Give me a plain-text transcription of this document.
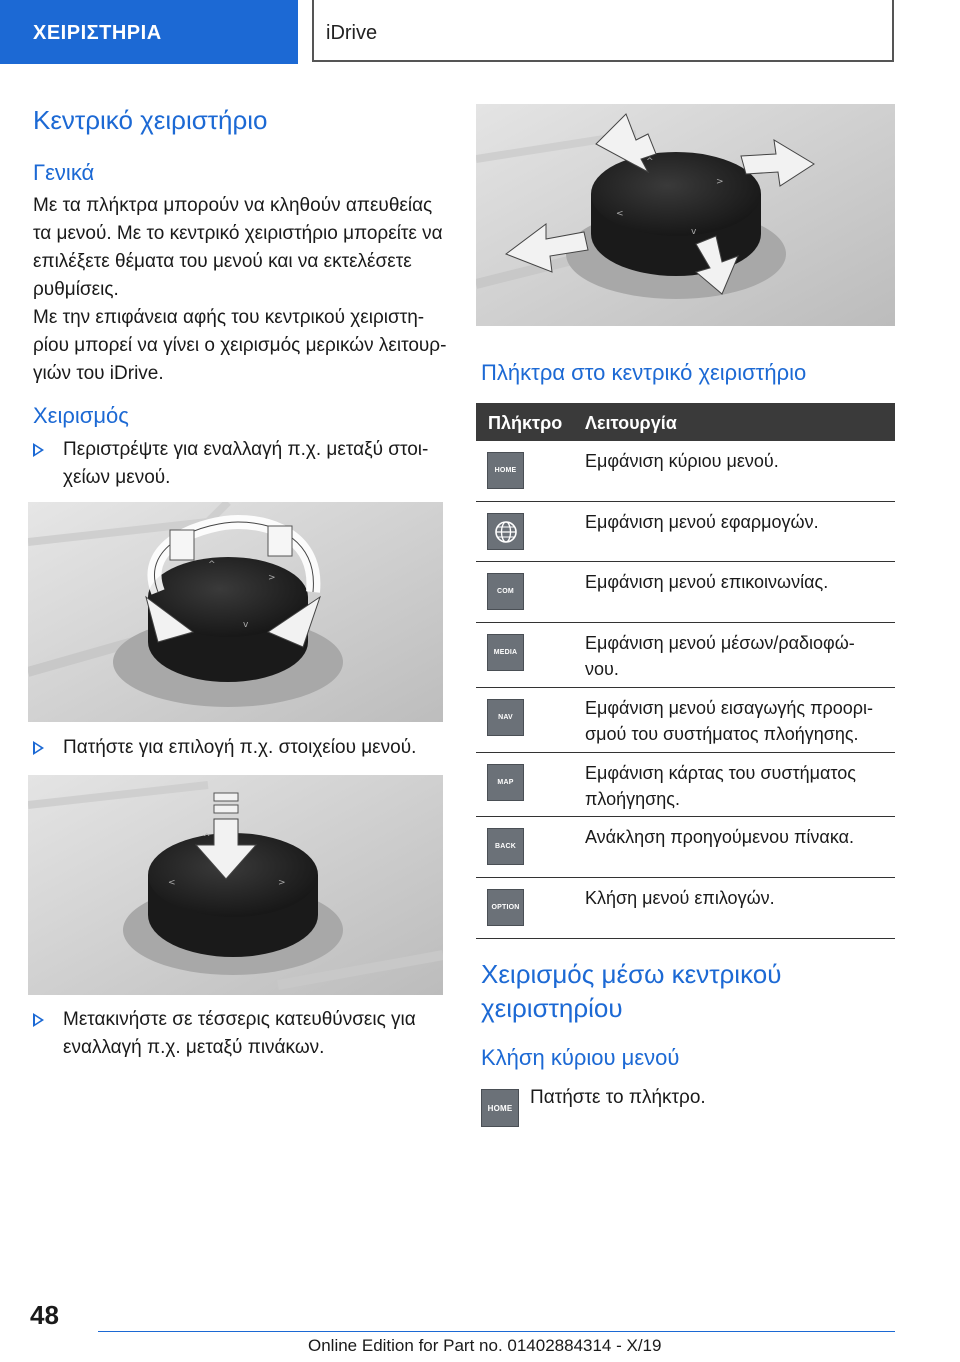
ΧΕΙΡΙΣΤΗΡΙΑ	iDrive
Κεντρικό χειριστήριο
Γενικά
Με τα πλήκτρα μπορούν να κληθούν απευθείας
τα μενού. Με το κεντρικό χειριστήριο μπορείτε να
επιλέξετε θέματα του μενού και να εκτελέσετε
ρυθμίσεις.
Με την επιφάνεια αφής του κεντρικού χειριστη-
ρίου μπορεί να γίνει ο χειρισμός μερικών λειτουρ-
γιών του iDrive.
Χειρισμός
Περιστρέψτε για εναλλαγή π.χ. μεταξύ στοι-
χείων μενού.
^
>
v
Πατήστε για επιλογή π.χ. στοιχείου μενού.
^
<	>
Μετακινήστε σε τέσσερις κατευθύνσεις για
εναλλαγή π.χ. μεταξύ πινάκων.
^
<
>
v
Πλήκτρα στο κεντρικό χειριστήριο
Πλήκτρο Λειτουργία
HOME	Εμφάνιση κύριου μενού.
Εμφάνιση μενού εφαρμογών.
COM	Εμφάνιση μενού επικοινωνίας.
MEDIA	Εμφάνιση μενού μέσων/ραδιοφώ-
νου.
NAV	Εμφάνιση μενού εισαγωγής προορι-
σμού του συστήματος πλοήγησης.
MAP	Εμφάνιση κάρτας του συστήματος
πλοήγησης.
BACK	Ανάκληση προηγούμενου πίνακα.
OPTION	Κλήση μενού επιλογών.
Χειρισμός μέσω κεντρικού
χειριστηρίου
Κλήση κύριου μενού
HOME Πατήστε το πλήκτρο.
48
Online Edition for Part no. 01402884314 - X/19
